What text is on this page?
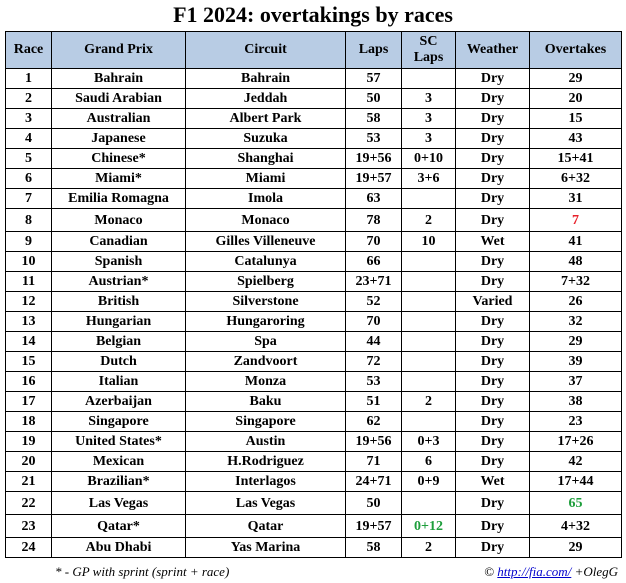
F1 2024: overtakings by races
Race	Grand Prix	Circuit	Laps	SC Laps	Weather	Overtakes
1	Bahrain	Bahrain	57		Dry	29
2	Saudi Arabian	Jeddah	50	3	Dry	20
3	Australian	Albert Park	58	3	Dry	15
4	Japanese	Suzuka	53	3	Dry	43
5	Chinese*	Shanghai	19+56	0+10	Dry	15+41
6	Miami*	Miami	19+57	3+6	Dry	6+32
7	Emilia Romagna	Imola	63		Dry	31
8	Monaco	Monaco	78	2	Dry	7
9	Canadian	Gilles Villeneuve	70	10	Wet	41
10	Spanish	Catalunya	66		Dry	48
11	Austrian*	Spielberg	23+71		Dry	7+32
12	British	Silverstone	52		Varied	26
13	Hungarian	Hungaroring	70		Dry	32
14	Belgian	Spa	44		Dry	29
15	Dutch	Zandvoort	72		Dry	39
16	Italian	Monza	53		Dry	37
17	Azerbaijan	Baku	51	2	Dry	38
18	Singapore	Singapore	62		Dry	23
19	United States*	Austin	19+56	0+3	Dry	17+26
20	Mexican	H.Rodriguez	71	6	Dry	42
21	Brazilian*	Interlagos	24+71	0+9	Wet	17+44
22	Las Vegas	Las Vegas	50		Dry	65
23	Qatar*	Qatar	19+57	0+12	Dry	4+32
24	Abu Dhabi	Yas Marina	58	2	Dry	29
* - GP with sprint (sprint + race)	© http://fia.com/ +OlegG
